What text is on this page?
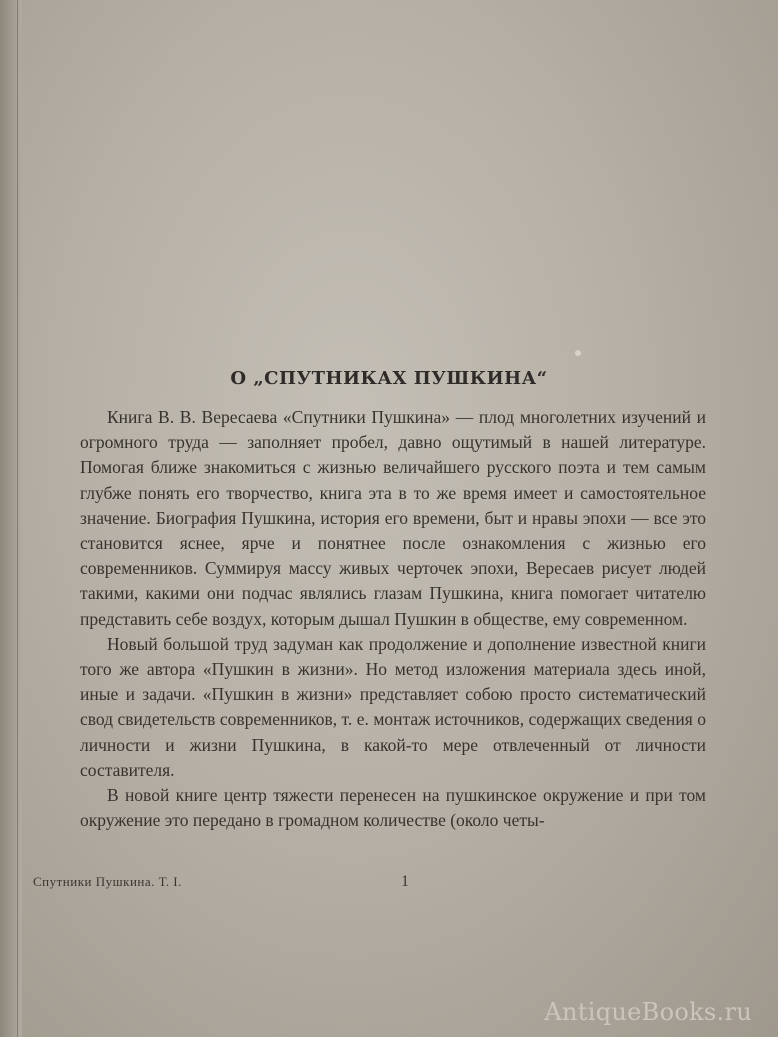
О „СПУТНИКАХ ПУШКИНА“

Книга В. В. Вересаева «Спутники Пушкина» — плод многолетних изучений и огромного труда — заполняет пробел, давно ощутимый в нашей литературе. Помогая ближе знакомиться с жизнью величайшего русского поэта и тем самым глубже понять его творчество, книга эта в то же время имеет и самостоятельное значение. Биография Пушкина, история его времени, быт и нравы эпохи — все это становится яснее, ярче и понятнее после ознакомления с жизнью его современников. Суммируя массу живых черточек эпохи, Вересаев рисует людей такими, какими они подчас являлись глазам Пушкина, книга помогает читателю представить себе воздух, которым дышал Пушкин в обществе, ему современном.

Новый большой труд задуман как продолжение и дополнение известной книги того же автора «Пушкин в жизни». Но метод изложения материала здесь иной, иные и задачи. «Пушкин в жизни» представляет собою просто систематический свод свидетельств современников, т. е. монтаж источников, содержащих сведения о личности и жизни Пушкина, в какой-то мере отвлеченный от личности составителя.

В новой книге центр тяжести перенесен на пушкинское окружение и при том окружение это передано в громадном количестве (около четы-

Спутники Пушкина. Т. I.	1
AntiqueBooks.ru
